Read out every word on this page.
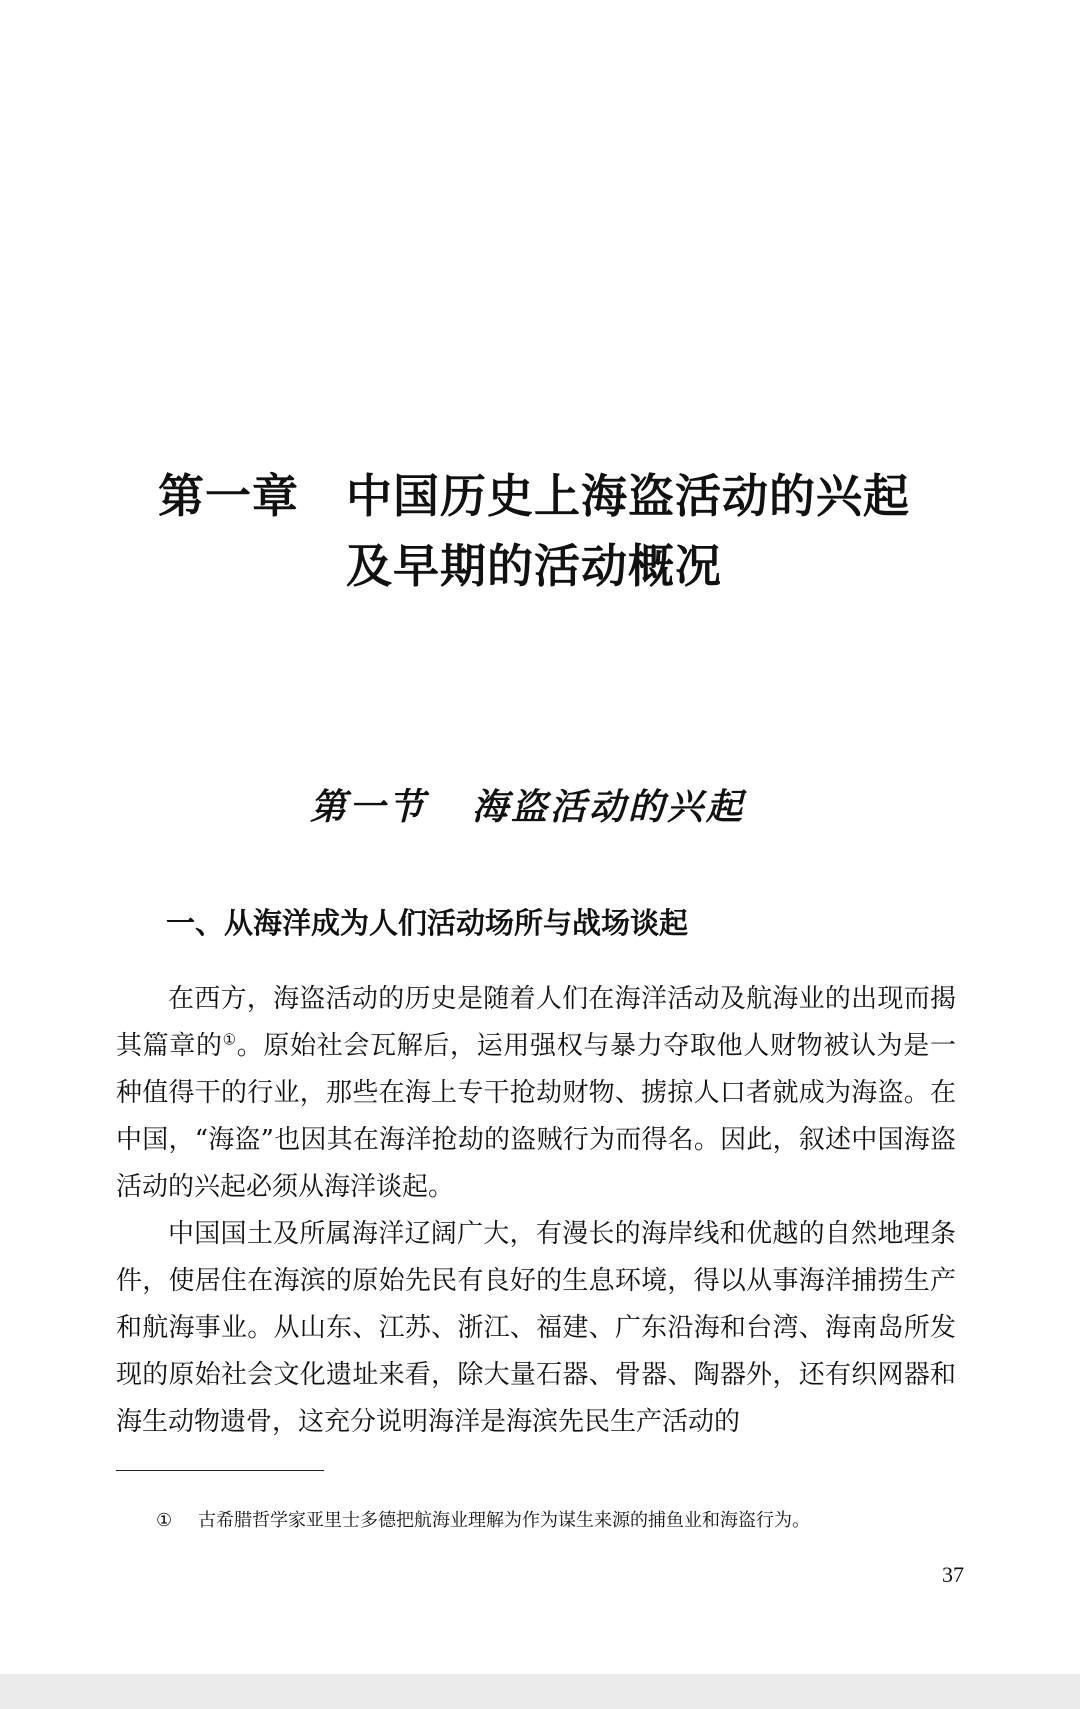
第一章 中国历史上海盗活动的兴起
及早期的活动概况
第一节 海盗活动的兴起
一、从海洋成为人们活动场所与战场谈起

在西方，海盗活动的历史是随着人们在海洋活动及航海业的出现而揭其篇章的①。原始社会瓦解后，运用强权与暴力夺取他人财物被认为是一种值得干的行业，那些在海上专干抢劫财物、掳掠人口者就成为海盗。在中国，“海盗”也因其在海洋抢劫的盗贼行为而得名。因此，叙述中国海盗活动的兴起必须从海洋谈起。

中国国土及所属海洋辽阔广大，有漫长的海岸线和优越的自然地理条件，使居住在海滨的原始先民有良好的生息环境，得以从事海洋捕捞生产和航海事业。从山东、江苏、浙江、福建、广东沿海和台湾、海南岛所发现的原始社会文化遗址来看，除大量石器、骨器、陶器外，还有织网器和海生动物遗骨，这充分说明海洋是海滨先民生产活动的

① 古希腊哲学家亚里士多德把航海业理解为作为谋生来源的捕鱼业和海盗行为。

37
